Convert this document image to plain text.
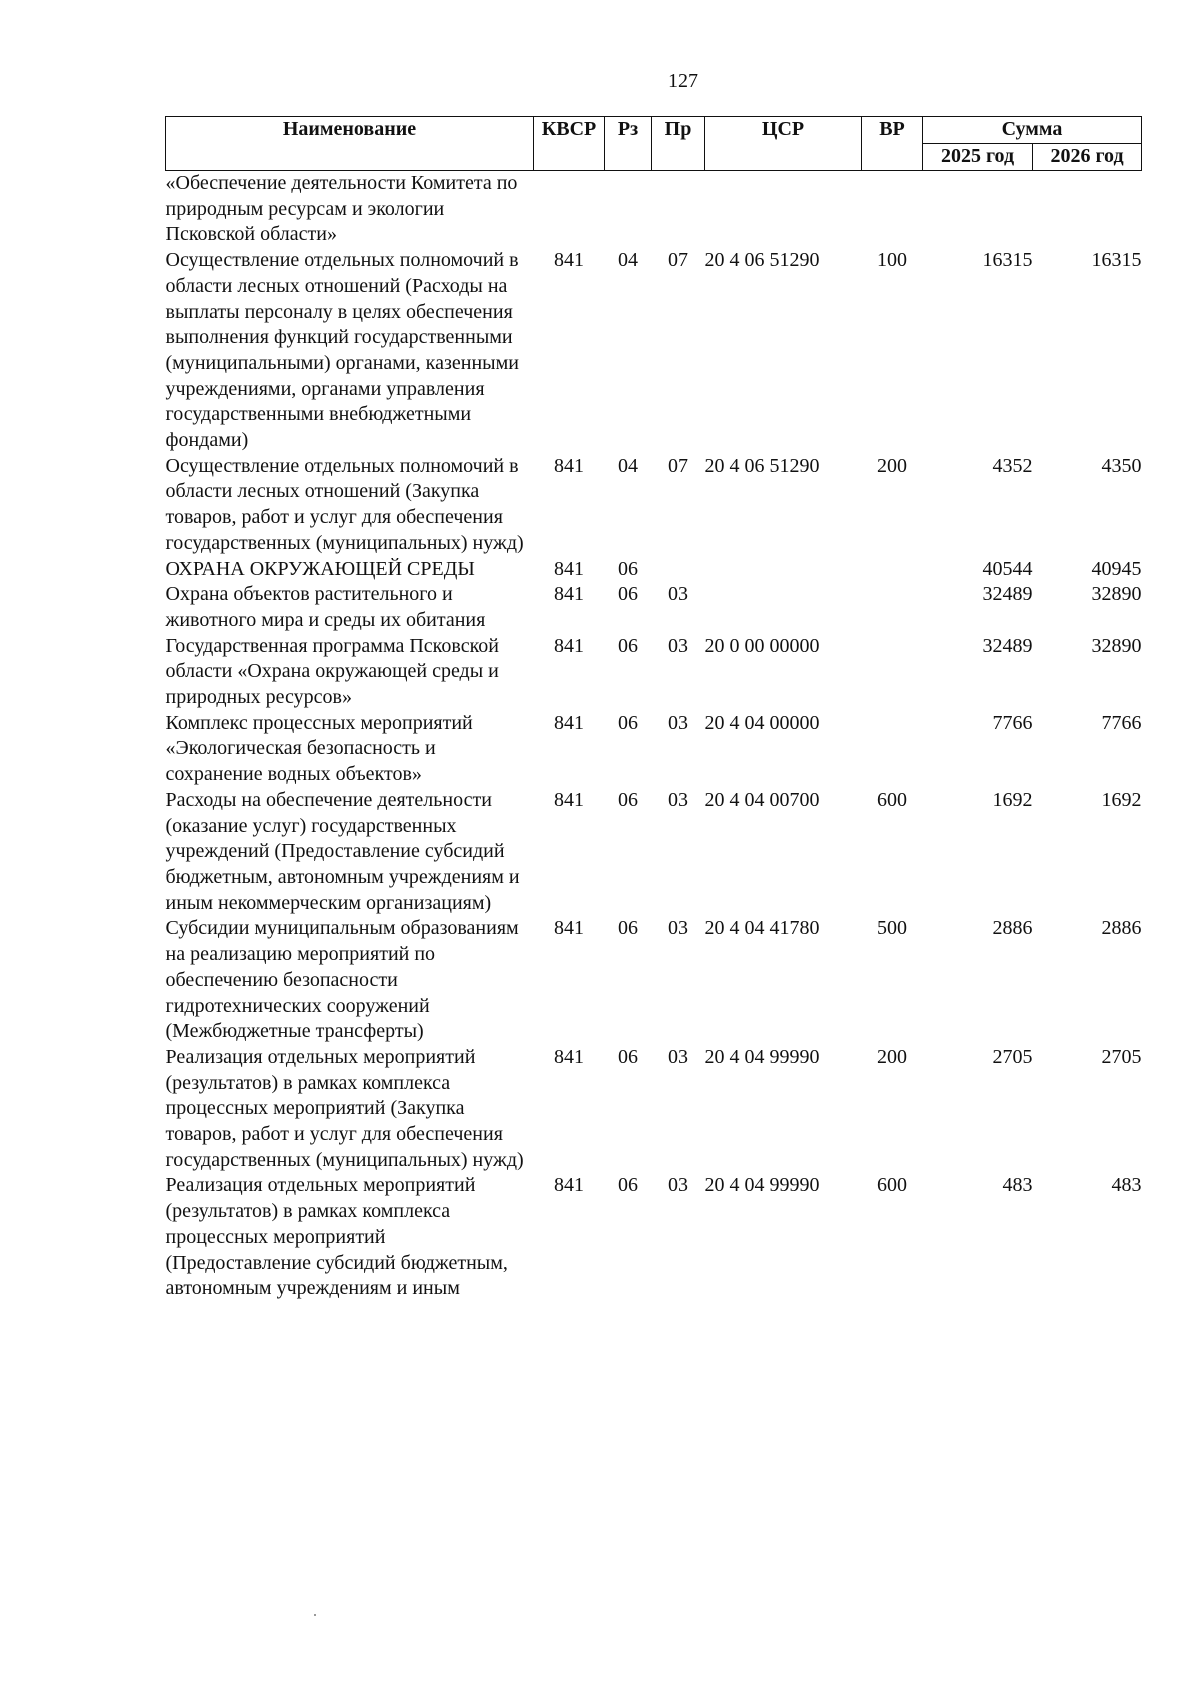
127
Наименование	КВСР	Рз	Пр	ЦСР	ВР	Сумма	
						2025 год	2026 год
«Обеспечение деятельности Комитета по природным ресурсам и экологии Псковской области»							
Осуществление отдельных полномочий в области лесных отношений (Расходы на выплаты персоналу в целях обеспечения выполнения функций государственными (муниципальными) органами, казенными учреждениями, органами управления государственными внебюджетными фондами)	841	04	07	20 4 06 51290	100	16315	16315
Осуществление отдельных полномочий в области лесных отношений (Закупка товаров, работ и услуг для обеспечения государственных (муниципальных) нужд)	841	04	07	20 4 06 51290	200	4352	4350
ОХРАНА ОКРУЖАЮЩЕЙ СРЕДЫ	841	06				40544	40945
Охрана объектов растительного и животного мира и среды их обитания	841	06	03			32489	32890
Государственная программа Псковской области «Охрана окружающей среды и природных ресурсов»	841	06	03	20 0 00 00000		32489	32890
Комплекс процессных мероприятий «Экологическая безопасность и сохранение водных объектов»	841	06	03	20 4 04 00000		7766	7766
Расходы на обеспечение деятельности (оказание услуг) государственных учреждений (Предоставление субсидий бюджетным, автономным учреждениям и иным некоммерческим организациям)	841	06	03	20 4 04 00700	600	1692	1692
Субсидии муниципальным образованиям на реализацию мероприятий по обеспечению безопасности гидротехнических сооружений (Межбюджетные трансферты)	841	06	03	20 4 04 41780	500	2886	2886
Реализация отдельных мероприятий (результатов) в рамках комплекса процессных мероприятий (Закупка товаров, работ и услуг для обеспечения государственных (муниципальных) нужд)	841	06	03	20 4 04 99990	200	2705	2705
Реализация отдельных мероприятий (результатов) в рамках комплекса процессных мероприятий (Предоставление субсидий бюджетным, автономным учреждениям и иным	841	06	03	20 4 04 99990	600	483	483
